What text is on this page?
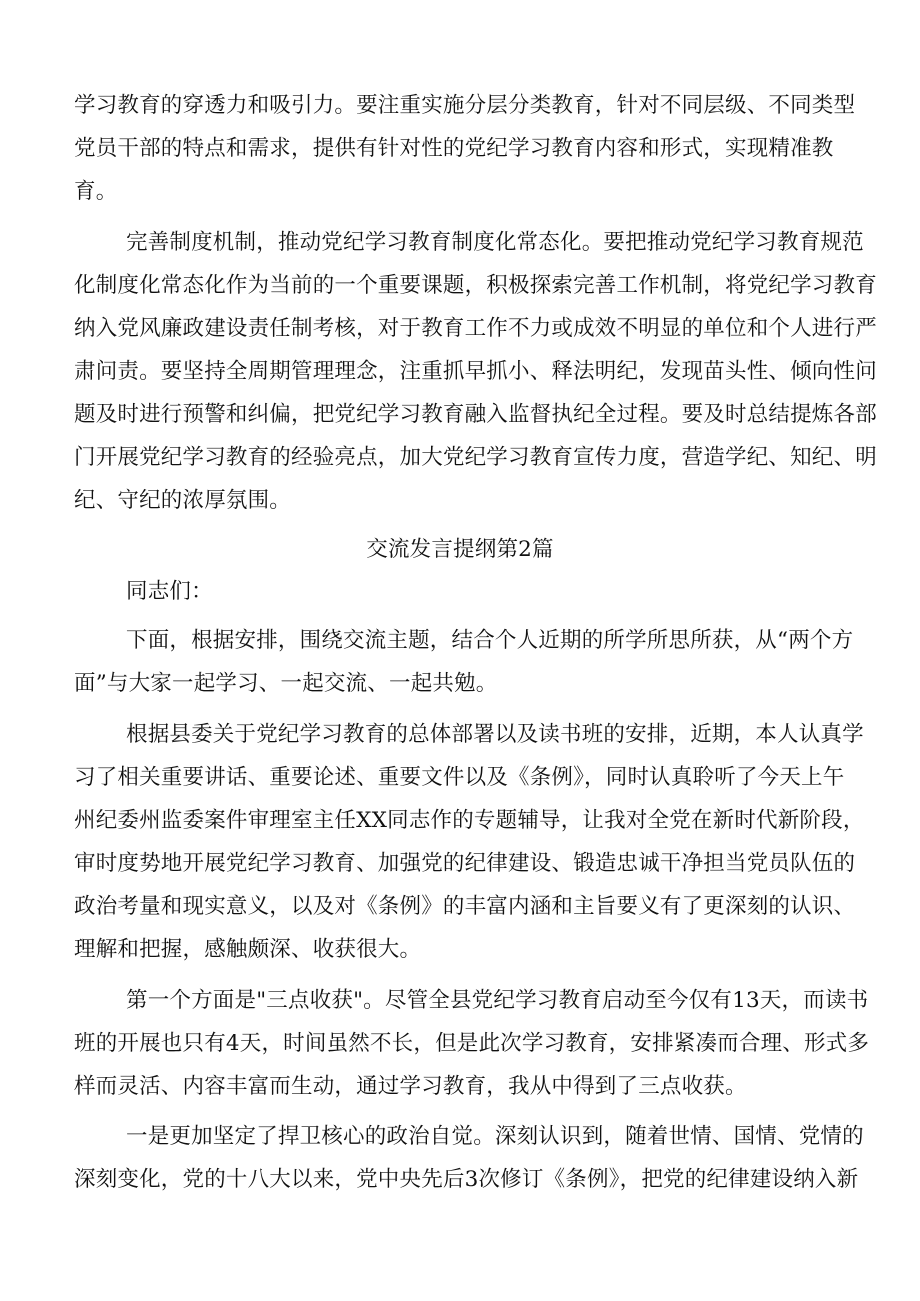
学习教育的穿透力和吸引力。要注重实施分层分类教育，针对不同层级、不同类型
党员干部的特点和需求，提供有针对性的党纪学习教育内容和形式，实现精准教
育。
完善制度机制，推动党纪学习教育制度化常态化。要把推动党纪学习教育规范
化制度化常态化作为当前的一个重要课题，积极探索完善工作机制，将党纪学习教育
纳入党风廉政建设责任制考核，对于教育工作不力或成效不明显的单位和个人进行严
肃问责。要坚持全周期管理理念，注重抓早抓小、释法明纪，发现苗头性、倾向性问
题及时进行预警和纠偏，把党纪学习教育融入监督执纪全过程。要及时总结提炼各部
门开展党纪学习教育的经验亮点，加大党纪学习教育宣传力度，营造学纪、知纪、明
纪、守纪的浓厚氛围。
交流发言提纲第2篇
同志们：
下面，根据安排，围绕交流主题，结合个人近期的所学所思所获，从“两个方
面”与大家一起学习、一起交流、一起共勉。
根据县委关于党纪学习教育的总体部署以及读书班的安排，近期，本人认真学
习了相关重要讲话、重要论述、重要文件以及《条例》，同时认真聆听了今天上午
州纪委州监委案件审理室主任XX同志作的专题辅导，让我对全党在新时代新阶段，
审时度势地开展党纪学习教育、加强党的纪律建设、锻造忠诚干净担当党员队伍的
政治考量和现实意义，以及对《条例》的丰富内涵和主旨要义有了更深刻的认识、
理解和把握，感触颇深、收获很大。
第一个方面是"三点收获"。尽管全县党纪学习教育启动至今仅有13天，而读书
班的开展也只有4天，时间虽然不长，但是此次学习教育，安排紧凑而合理、形式多
样而灵活、内容丰富而生动，通过学习教育，我从中得到了三点收获。
一是更加坚定了捍卫核心的政治自觉。深刻认识到，随着世情、国情、党情的
深刻变化，党的十八大以来，党中央先后3次修订《条例》，把党的纪律建设纳入新
